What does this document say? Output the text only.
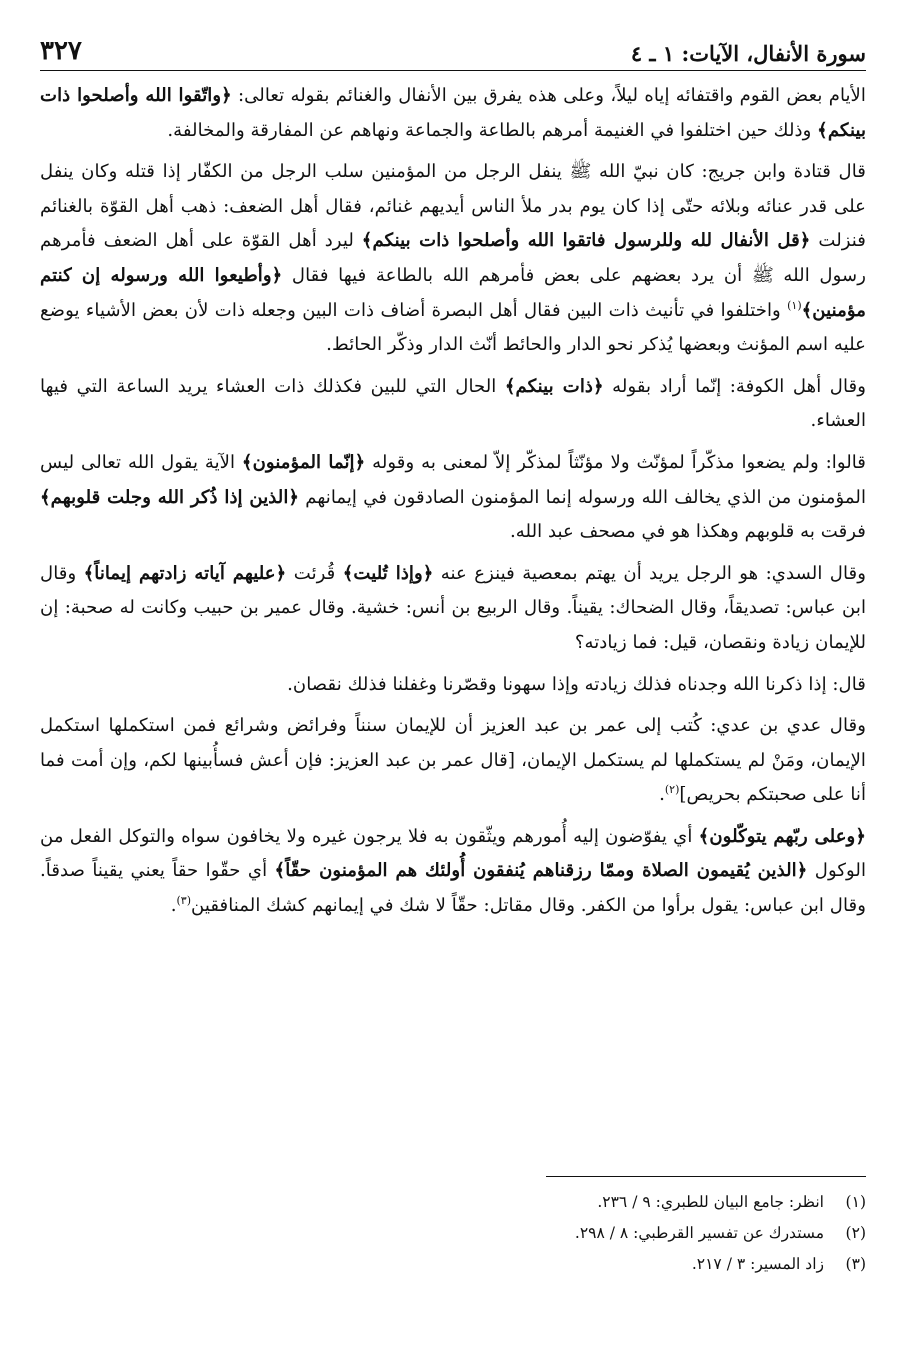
سورة الأنفال، الآيات: ١ ـ ٤
٣٢٧

الأيام بعض القوم واقتفائه إياه ليلاً، وعلى هذه يفرق بين الأنفال والغنائم بقوله تعالى: ﴿واتّقوا الله وأصلحوا ذات بينكم﴾ وذلك حين اختلفوا في الغنيمة أمرهم بالطاعة والجماعة ونهاهم عن المفارقة والمخالفة.

قال قتادة وابن جريج: كان نبيّ الله ﷺ ينفل الرجل من المؤمنين سلب الرجل من الكفّار إذا قتله وكان ينفل على قدر عنائه وبلائه حتّى إذا كان يوم بدر ملأ الناس أيديهم غنائم، فقال أهل الضعف: ذهب أهل القوّة بالغنائم فنزلت ﴿قل الأنفال لله وللرسول فاتقوا الله وأصلحوا ذات بينكم﴾ ليرد أهل القوّة على أهل الضعف فأمرهم رسول الله ﷺ أن يرد بعضهم على بعض فأمرهم الله بالطاعة فيها فقال ﴿وأطيعوا الله ورسوله إن كنتم مؤمنين﴾$^{(١)}$ واختلفوا في تأنيث ذات البين فقال أهل البصرة أضاف ذات البين وجعله ذات لأن بعض الأشياء يوضع عليه اسم المؤنث وبعضها يُذكر نحو الدار والحائط أنّث الدار وذكّر الحائط.

وقال أهل الكوفة: إنّما أراد بقوله ﴿ذات بينكم﴾ الحال التي للبين فكذلك ذات العشاء يريد الساعة التي فيها العشاء.

قالوا: ولم يضعوا مذكّراً لمؤنّث ولا مؤنّثاً لمذكّر إلاّ لمعنى به وقوله ﴿إنّما المؤمنون﴾ الآية يقول الله تعالى ليس المؤمنون من الذي يخالف الله ورسوله إنما المؤمنون الصادقون في إيمانهم ﴿الذين إذا ذُكر الله وجلت قلوبهم﴾ فرقت به قلوبهم وهكذا هو في مصحف عبد الله.

وقال السدي: هو الرجل يريد أن يهتم بمعصية فينزع عنه ﴿وإذا تُليت﴾ قُرئت ﴿عليهم آياته زادتهم إيماناً﴾ وقال ابن عباس: تصديقاً، وقال الضحاك: يقيناً. وقال الربيع بن أنس: خشية. وقال عمير بن حبيب وكانت له صحبة: إن للإيمان زيادة ونقصان، قيل: فما زيادته؟

قال: إذا ذكرنا الله وجدناه فذلك زيادته وإذا سهونا وقصّرنا وغفلنا فذلك نقصان.

وقال عدي بن عدي: كُتب إلى عمر بن عبد العزيز أن للإيمان سنناً وفرائض وشرائع فمن استكملها استكمل الإيمان، ومَنْ لم يستكملها لم يستكمل الإيمان، [قال عمر بن عبد العزيز: فإن أعش فسأُبينها لكم، وإن أمت فما أنا على صحبتكم بحريص]$^{(٢)}$.

﴿وعلى ربّهم يتوكّلون﴾ أي يفوّضون إليه أُمورهم ويثّقون به فلا يرجون غيره ولا يخافون سواه والتوكل الفعل من الوكول ﴿الذين يُقيمون الصلاة وممّا رزقناهم يُنفقون أُولئك هم المؤمنون حقّاً﴾ أي حقّوا حقاً يعني يقيناً صدقاً. وقال ابن عباس: يقول برأوا من الكفر. وقال مقاتل: حقّاً لا شك في إيمانهم كشك المنافقين$^{(٣)}$.

(١)
انظر: جامع البيان للطبري: ٩ / ٢٣٦.
(٢)
مستدرك عن تفسير القرطبي: ٨ / ٢٩٨.
(٣)
زاد المسير: ٣ / ٢١٧.
